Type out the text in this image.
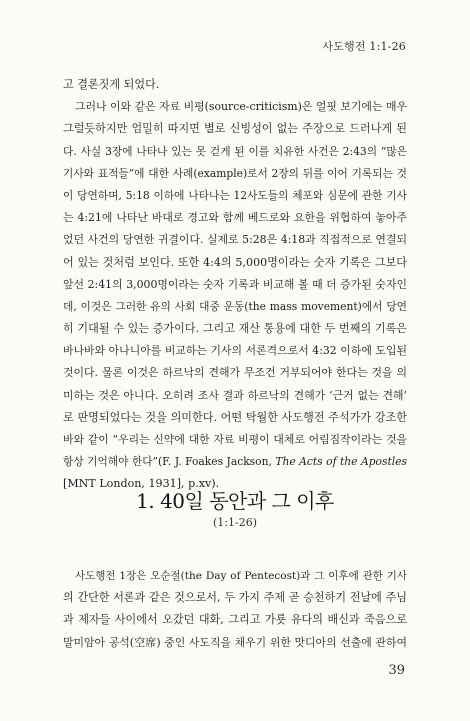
사도행전 1:1-26
고 결론짓게 되었다.
그러나 이와 같은 자료 비평(source-criticism)은 얼핏 보기에는 매우
그럴듯하지만 엄밀히 따지면 별로 신빙성이 없는 주장으로 드러나게 된
다. 사실 3장에 나타나 있는 못 걷게 된 이를 치유한 사건은 2:43의 “많은
기사와 표적들”에 대한 사례(example)로서 2장의 뒤를 이어 기록되는 것
이 당연하며, 5:18 이하에 나타나는 12사도들의 체포와 심문에 관한 기사
는 4:21에 나타난 바대로 경고와 함께 베드로와 요한을 위협하여 놓아주
었던 사건의 당연한 귀결이다. 실제로 5:28은 4:18과 직접적으로 연결되
어 있는 것처럼 보인다. 또한 4:4의 5,000명이라는 숫자 기록은 그보다
앞선 2:41의 3,000명이라는 숫자 기록과 비교해 볼 때 더 증가된 숫자인
데, 이것은 그러한 유의 사회 대중 운동(the mass movement)에서 당연
히 기대될 수 있는 증가이다. 그리고 재산 통용에 대한 두 번째의 기록은
바나바와 아나니아를 비교하는 기사의 서론격으로서 4:32 이하에 도입된
것이다. 물론 이것은 하르낙의 견해가 무조건 거부되어야 한다는 것을 의
미하는 것은 아니다. 오히려 조사 결과 하르낙의 견해가 ‘근거 없는 견해’
로 판명되었다는 것을 의미한다. 어떤 탁월한 사도행전 주석가가 강조한
바와 같이 “우리는 신약에 대한 자료 비평이 대체로 어림짐작이라는 것을
항상 기억해야 한다”(F. J. Foakes Jackson, The Acts of the Apostles
[MNT London, 1931], p.xv).
1. 40일 동안과 그 이후
(1:1-26)
사도행전 1장은 오순절(the Day of Pentecost)과 그 이후에 관한 기사
의 간단한 서론과 같은 것으로서, 두 가지 주제 곧 승천하기 전날에 주님
과 제자들 사이에서 오갔던 대화, 그리고 가룟 유다의 배신과 죽음으로
말미암아 공석(空席) 중인 사도직을 채우기 위한 맛디아의 선출에 관하여
39
